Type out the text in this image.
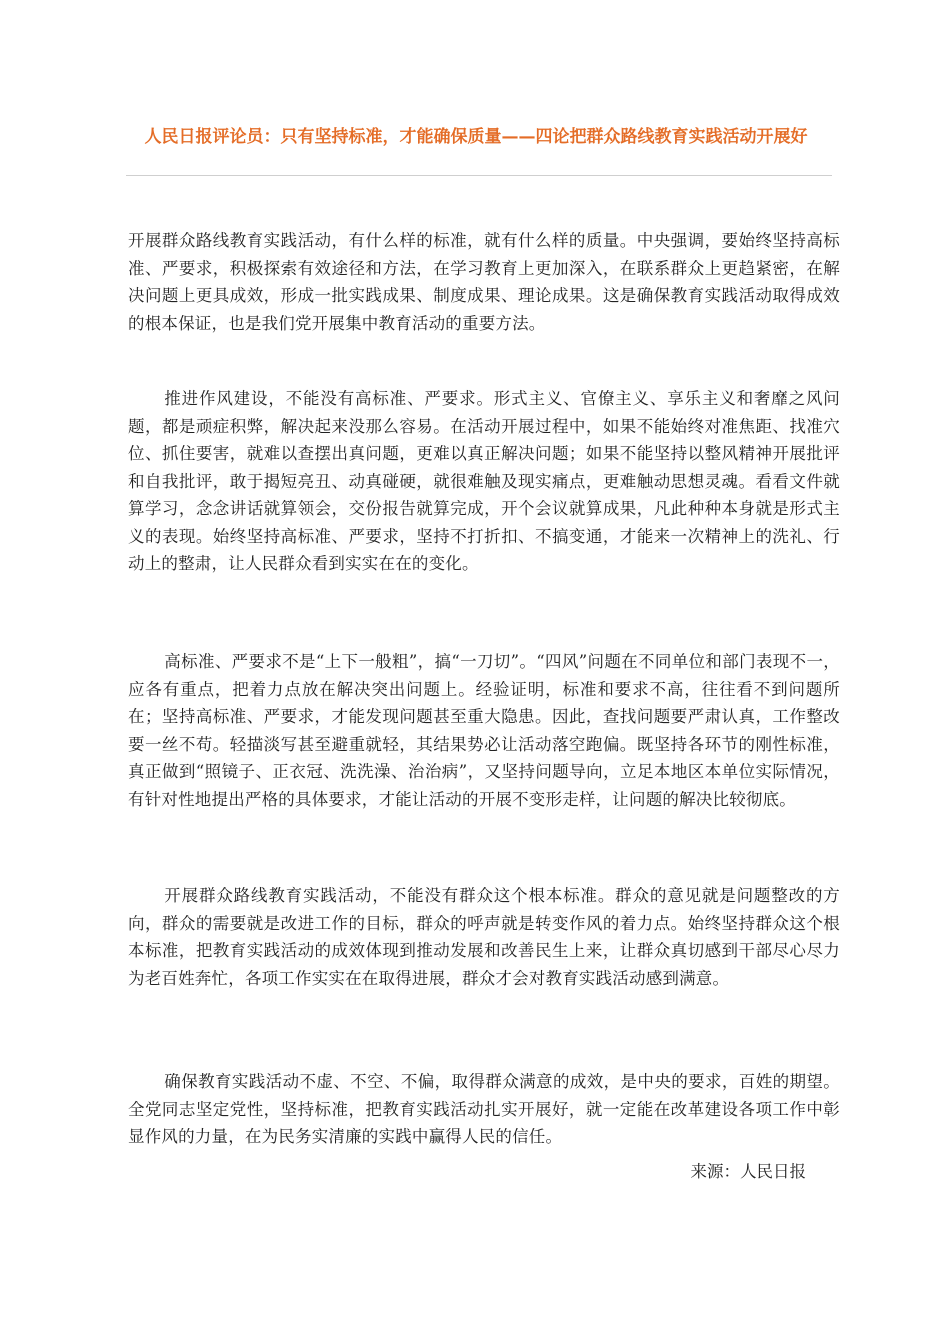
人民日报评论员：只有坚持标准，才能确保质量——四论把群众路线教育实践活动开展好

开展群众路线教育实践活动，有什么样的标准，就有什么样的质量。中央强调，要始终坚持高标准、严要求，积极探索有效途径和方法，在学习教育上更加深入，在联系群众上更趋紧密，在解决问题上更具成效，形成一批实践成果、制度成果、理论成果。这是确保教育实践活动取得成效的根本保证，也是我们党开展集中教育活动的重要方法。

推进作风建设，不能没有高标准、严要求。形式主义、官僚主义、享乐主义和奢靡之风问题，都是顽症积弊，解决起来没那么容易。在活动开展过程中，如果不能始终对准焦距、找准穴位、抓住要害，就难以查摆出真问题，更难以真正解决问题；如果不能坚持以整风精神开展批评和自我批评，敢于揭短亮丑、动真碰硬，就很难触及现实痛点，更难触动思想灵魂。看看文件就算学习，念念讲话就算领会，交份报告就算完成，开个会议就算成果，凡此种种本身就是形式主义的表现。始终坚持高标准、严要求，坚持不打折扣、不搞变通，才能来一次精神上的洗礼、行动上的整肃，让人民群众看到实实在在的变化。

高标准、严要求不是“上下一般粗”，搞“一刀切”。“四风”问题在不同单位和部门表现不一，应各有重点，把着力点放在解决突出问题上。经验证明，标准和要求不高，往往看不到问题所在；坚持高标准、严要求，才能发现问题甚至重大隐患。因此，查找问题要严肃认真，工作整改要一丝不苟。轻描淡写甚至避重就轻，其结果势必让活动落空跑偏。既坚持各环节的刚性标准，真正做到“照镜子、正衣冠、洗洗澡、治治病”，又坚持问题导向，立足本地区本单位实际情况，有针对性地提出严格的具体要求，才能让活动的开展不变形走样，让问题的解决比较彻底。

开展群众路线教育实践活动，不能没有群众这个根本标准。群众的意见就是问题整改的方向，群众的需要就是改进工作的目标，群众的呼声就是转变作风的着力点。始终坚持群众这个根本标准，把教育实践活动的成效体现到推动发展和改善民生上来，让群众真切感到干部尽心尽力为老百姓奔忙，各项工作实实在在取得进展，群众才会对教育实践活动感到满意。

确保教育实践活动不虚、不空、不偏，取得群众满意的成效，是中央的要求，百姓的期望。全党同志坚定党性，坚持标准，把教育实践活动扎实开展好，就一定能在改革建设各项工作中彰显作风的力量，在为民务实清廉的实践中赢得人民的信任。

来源：人民日报
